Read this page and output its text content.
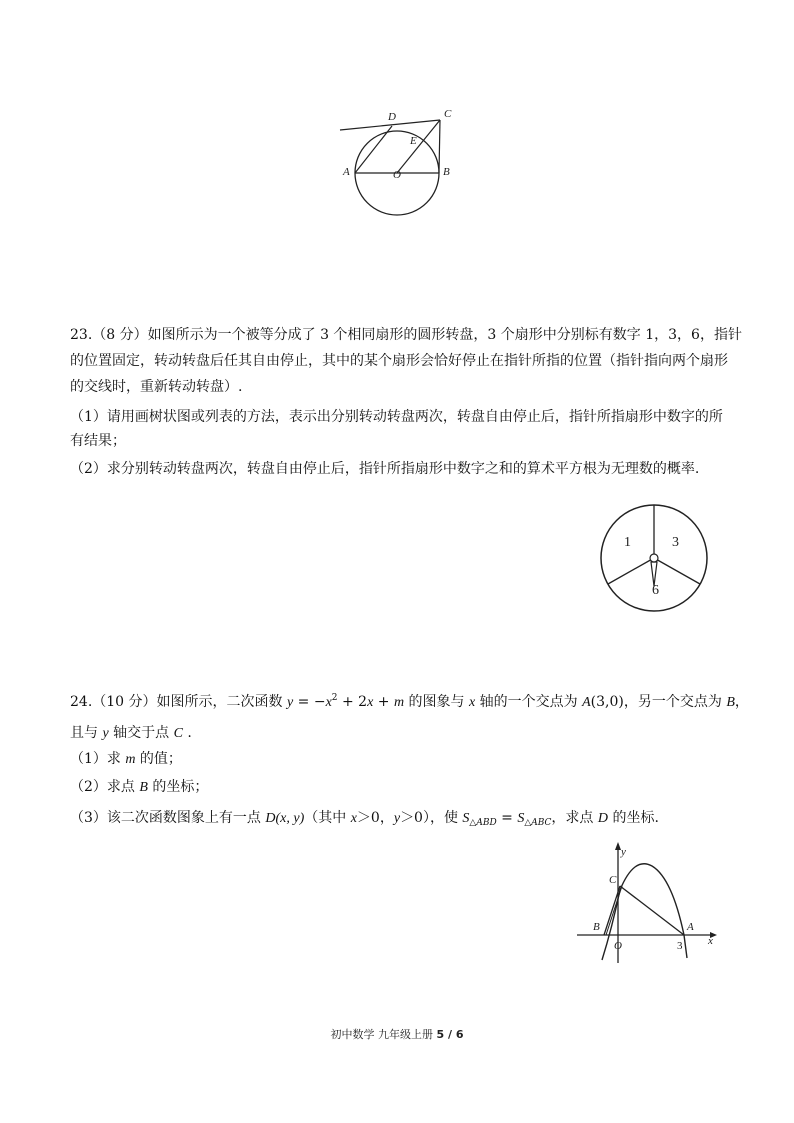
D	C
E
A	O	B
23.（8 分）如图所示为一个被等分成了 3 个相同扇形的圆形转盘，3 个扇形中分别标有数字 1，3，6，指针
的位置固定，转动转盘后任其自由停止，其中的某个扇形会恰好停止在指针所指的位置（指针指向两个扇形
的交线时，重新转动转盘）.
（1）请用画树状图或列表的方法，表示出分别转动转盘两次，转盘自由停止后，指针所指扇形中数字的所
有结果；
（2）求分别转动转盘两次，转盘自由停止后，指针所指扇形中数字之和的算术平方根为无理数的概率.
1	3
6
24.（10 分）如图所示，二次函数 $y = -x^2 + 2x + m$ 的图象与 x 轴的一个交点为 A(3,0)，另一个交点为 B，
且与 y 轴交于点 C .
（1）求 m 的值；
（2）求点 B 的坐标；
（3）该二次函数图象上有一点 D(x, y)（其中 x＞0，y＞0），使 $S_{\triangle ABD} = S_{\triangle ABC}$，求点 D 的坐标.
y
C
B	A
O	3 x
初中数学 九年级上册 5 / 6
